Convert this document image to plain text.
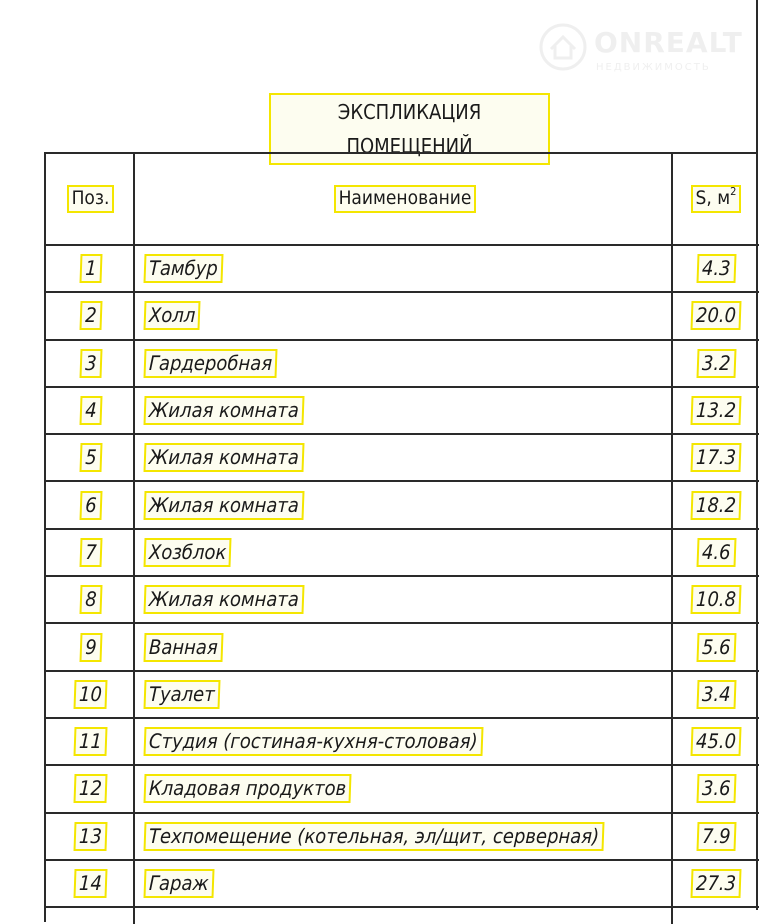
ONREALT
НЕДВИЖИМОСТЬ
ЭКСПЛИКАЦИЯ ПОМЕЩЕНИЙ
Поз.	Наименование	S, $м^2$
1	Тамбур	4.3
2	Холл	20.0
3	Гардеробная	3.2
4	Жилая комната	13.2
5	Жилая комната	17.3
6	Жилая комната	18.2
7	Хозблок	4.6
8	Жилая комната	10.8
9	Ванная	5.6
10 Туалет	3.4
11 Студия (гостиная-кухня-столовая)	45.0
12 Кладовая продуктов	3.6
13 Техпомещение (котельная, эл/щит, серверная)	7.9
14 Гараж	27.3
